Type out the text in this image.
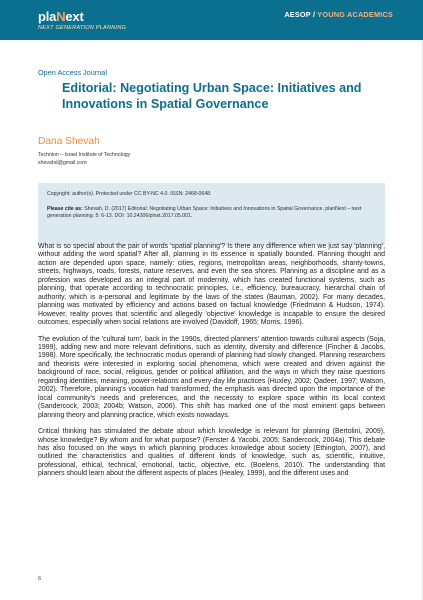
plaNext
NEXT GENERATION PLANNING
AESOP / YOUNG ACADEMICS
Open Access Journal
Editorial: Negotiating Urban Space: Initiatives and Innovations in Spatial Governance
Dana Shevah
Technion – Israel Institute of Technology
shevahd@gmail.com

Copyright: author(s). Protected under CC BY-NC 4.0. ISSN: 2468-0648.

Please cite as: Shevah, D. (2017) Editorial: Negotiating Urban Space: Initiatives and Innovations in Spatial Governance. planNext – next generation planning. 5: 6-13. DOI: 10.24306/plnxt.2017.05.001.

What is so special about the pair of words 'spatial planning'? Is there any difference when we just say 'planning', without adding the word spatial? After all, planning in its essence is spatially bounded. Planning thought and action are depended upon space, namely: cities, regions, metropolitan areas, neighborhoods, shanty-towns, streets, highways, roads, forests, nature reserves, and even the sea shores. Planning as a discipline and as a profession was developed as an integral part of modernity, which has created functional systems, such as planning, that operate according to technocratic principles, i.e., efficiency, bureaucracy, hierarchal chain of authority, which is a-personal and legitimate by the laws of the states (Bauman, 2002). For many decades, planning was motivated by efficiency and actions based on factual knowledge (Friedmann & Hudson, 1974). However, reality proves that scientific and allegedly 'objective' knowledge is incapable to ensure the desired outcomes, especially when social relations are involved (Davidoff, 1965; Morris, 1996).

The evolution of the 'cultural turn', back in the 1990s, directed planners' attention towards cultural aspects (Soja, 1999), adding new and more relevant definitions, such as identity, diversity and difference (Fincher & Jacobs, 1998). More specifically, the technocratic modus operandi of planning had slowly changed. Planning researchers and theorists were interested in exploring social phenomena, which were created and driven against the background of race, social, religious, gender or political affiliation, and the ways in which they raise questions regarding identities, meaning, power-relations and every-day life practices (Huxley, 2002; Qadeer, 1997; Watson, 2002). Therefore, planning's vocation had transformed; the emphasis was directed upon the importance of the local community's needs and preferences, and the necessity to explore space within its local context (Sandercock, 2003; 2004b; Watson, 2006). This shift has marked one of the most eminent gaps between planning theory and planning practice, which exists nowadays.

Critical thinking has stimulated the debate about which knowledge is relevant for planning (Bertolini, 2009), whose knowledge? By whom and for what purpose? (Fenster & Yacobi, 2005; Sandercock, 2004a). This debate has also focused on the ways in which planning produces knowledge about society (Ethington, 2007), and outlined the characteristics and qualities of different kinds of knowledge, such as, scientific, intuitive, professional, ethical, technical, emotional, tactic, objective, etc. (Boelens, 2010). The understanding that planners should learn about the different aspects of places (Healey, 1999), and the different uses and

6
